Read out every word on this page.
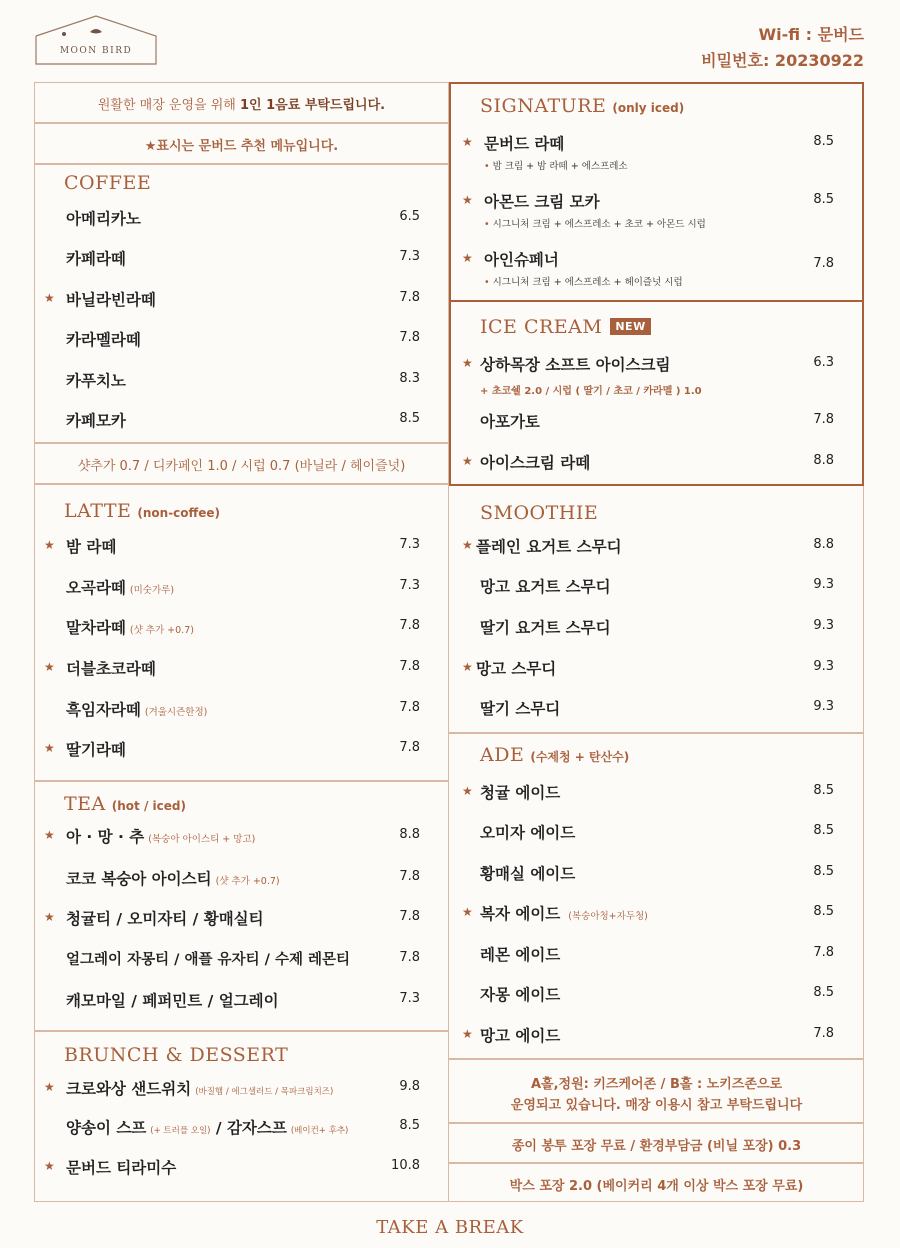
MOON BIRD
Wi-fi : 문버드
비밀번호: 20230922
원활한 매장 운영을 위해 1인 1음료 부탁드립니다.
★표시는 문버드 추천 메뉴입니다.
COFFEE
아메리카노	6.5
카페라떼	7.3
★ 바닐라빈라떼	7.8
카라멜라떼	7.8
카푸치노	8.3
카페모카	8.5
샷추가 0.7 / 디카페인 1.0 / 시럽 0.7 (바닐라 / 헤이즐넛)
LATTE (non-coffee)
★ 밤 라떼	7.3
오곡라떼 (미숫가루)	7.3
말차라떼 (샷 추가 +0.7)	7.8
★ 더블초코라떼	7.8
흑임자라떼 (겨울시즌한정)	7.8
★ 딸기라떼	7.8
TEA (hot / iced)
★ 아 · 망 · 추 (복숭아 아이스티 + 망고)	8.8
코코 복숭아 아이스티 (샷 추가 +0.7)	7.8
★ 청귤티 / 오미자티 / 황매실티	7.8
얼그레이 자몽티 / 애플 유자티 / 수제 레몬티	7.8
캐모마일 / 페퍼민트 / 얼그레이	7.3
BRUNCH & DESSERT
★ 크로와상 샌드위치 (바질햄 / 에그샐러드 / 목파크림치즈)	9.8
양송이 스프 (+ 트러플 오일) / 감자스프 (베이컨+ 후추)	8.5
★ 문버드 티라미수	10.8
SIGNATURE (only iced)
★ 문버드 라떼	8.5
• 밤 크림 + 밤 라떼 + 에스프레소
★ 아몬드 크림 모카	8.5
• 시그니처 크림 + 에스프레소 + 초코 + 아몬드 시럽
★ 아인슈페너	7.8
• 시그니처 크림 + 에스프레소 + 헤이즐넛 시럽
ICE CREAM NEW
★ 상하목장 소프트 아이스크림	6.3
+ 초코쉘 2.0 / 시럽 ( 딸기 / 초코 / 카라멜 ) 1.0
아포가토	7.8
★ 아이스크림 라떼	8.8
SMOOTHIE
★ 플레인 요거트 스무디	8.8
망고 요거트 스무디	9.3
딸기 요거트 스무디	9.3
★ 망고 스무디	9.3
딸기 스무디	9.3
ADE (수제청 + 탄산수)
★ 청귤 에이드	8.5
오미자 에이드	8.5
황매실 에이드	8.5
★ 복자 에이드 (복숭아청+자두청)	8.5
레몬 에이드	7.8
자몽 에이드	8.5
★ 망고 에이드	7.8
A홀,정원: 키즈케어존 / B홀 : 노키즈존으로
운영되고 있습니다. 매장 이용시 참고 부탁드립니다
종이 봉투 포장 무료 / 환경부담금 (비닐 포장) 0.3
박스 포장 2.0 (베이커리 4개 이상 박스 포장 무료)
TAKE A BREAK
